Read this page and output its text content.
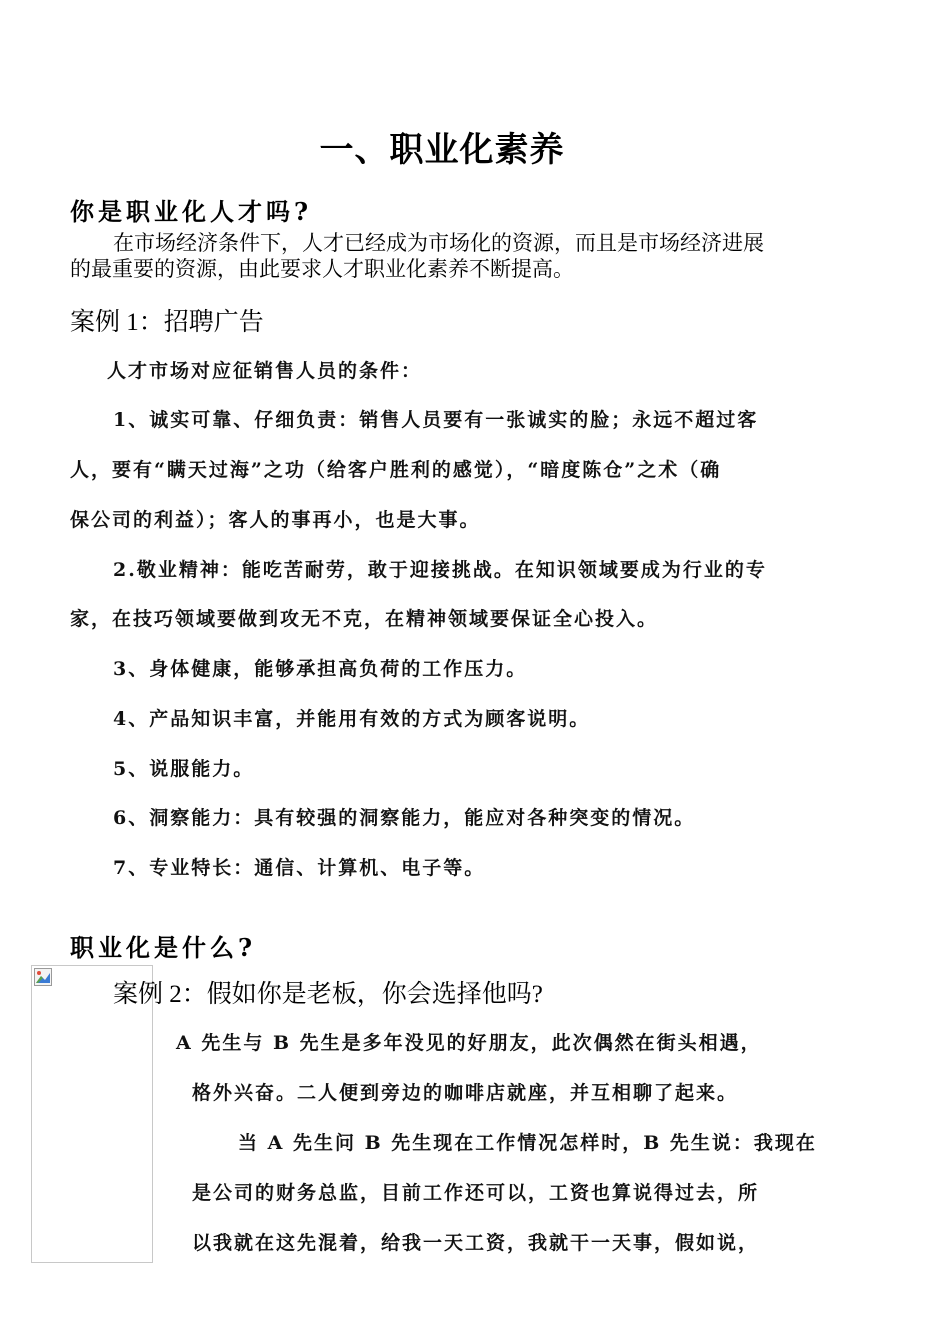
一、职业化素养
你是职业化人才吗?
在市场经济条件下，人才已经成为市场化的资源，而且是市场经济进展
的最重要的资源，由此要求人才职业化素养不断提高。
案例 1：招聘广告
人才市场对应征销售人员的条件：
1、诚实可靠、仔细负责：销售人员要有一张诚实的脸；永远不超过客
人，要有“瞒天过海”之功（给客户胜利的感觉），“暗度陈仓”之术（确
保公司的利益）；客人的事再小，也是大事。
2.敬业精神：能吃苦耐劳，敢于迎接挑战。在知识领域要成为行业的专
家，在技巧领域要做到攻无不克，在精神领域要保证全心投入。
3、身体健康，能够承担高负荷的工作压力。
4、产品知识丰富，并能用有效的方式为顾客说明。
5、说服能力。
6、洞察能力：具有较强的洞察能力，能应对各种突变的情况。
7、专业特长：通信、计算机、电子等。
职业化是什么?
案例 2：假如你是老板，你会选择他吗?
A 先生与 B 先生是多年没见的好朋友，此次偶然在街头相遇，
格外兴奋。二人便到旁边的咖啡店就座，并互相聊了起来。
当 A 先生问 B 先生现在工作情况怎样时，B 先生说：我现在
是公司的财务总监，目前工作还可以，工资也算说得过去，所
以我就在这先混着，给我一天工资，我就干一天事，假如说，
